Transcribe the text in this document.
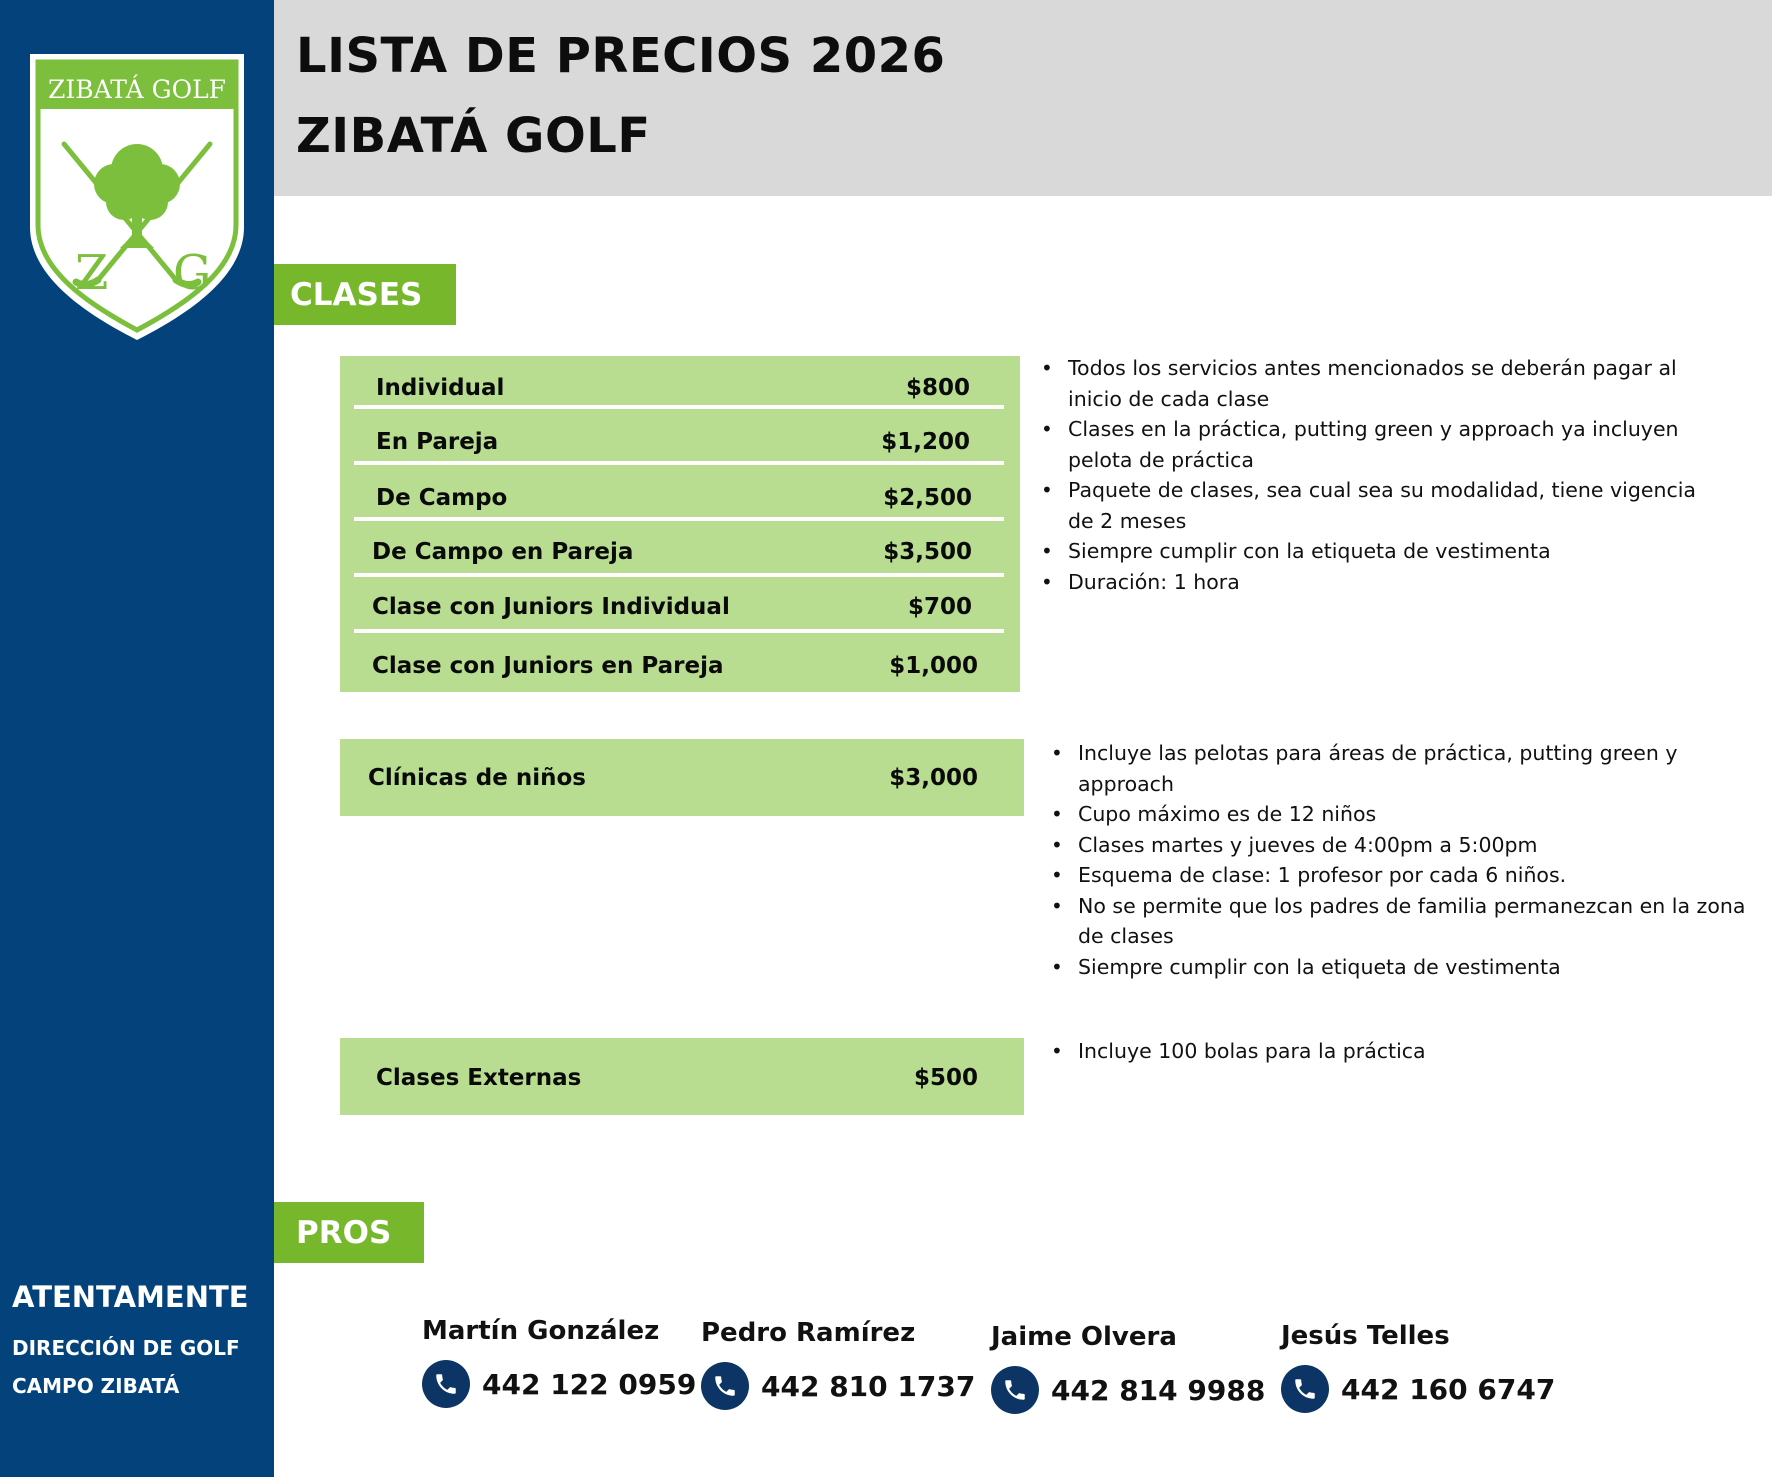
ZIBATÁ GOLF
Z G
LISTA DE PRECIOS 2026
ZIBATÁ GOLF
CLASES
Individual	$800
En Pareja	$1,200
De Campo	$2,500
De Campo en Pareja	$3,500
Clase con Juniors Individual	$700
Clase con Juniors en Pareja	$1,000
• Todos los servicios antes mencionados se deberán pagar al inicio de cada clase
• Clases en la práctica, putting green y approach ya incluyen pelota de práctica
• Paquete de clases, sea cual sea su modalidad, tiene vigencia de 2 meses
• Siempre cumplir con la etiqueta de vestimenta
• Duración: 1 hora
Clínicas de niños	$3,000
• Incluye las pelotas para áreas de práctica, putting green y approach
• Cupo máximo es de 12 niños
• Clases martes y jueves de 4:00pm a 5:00pm
• Esquema de clase: 1 profesor por cada 6 niños.
• No se permite que los padres de familia permanezcan en la zona de clases
• Siempre cumplir con la etiqueta de vestimenta
Clases Externas	$500
• Incluye 100 bolas para la práctica
PROS
Martín González
442 122 0959
Pedro Ramírez
442 810 1737
Jaime Olvera
442 814 9988
Jesús Telles
442 160 6747
ATENTAMENTE
DIRECCIÓN DE GOLF
CAMPO ZIBATÁ
